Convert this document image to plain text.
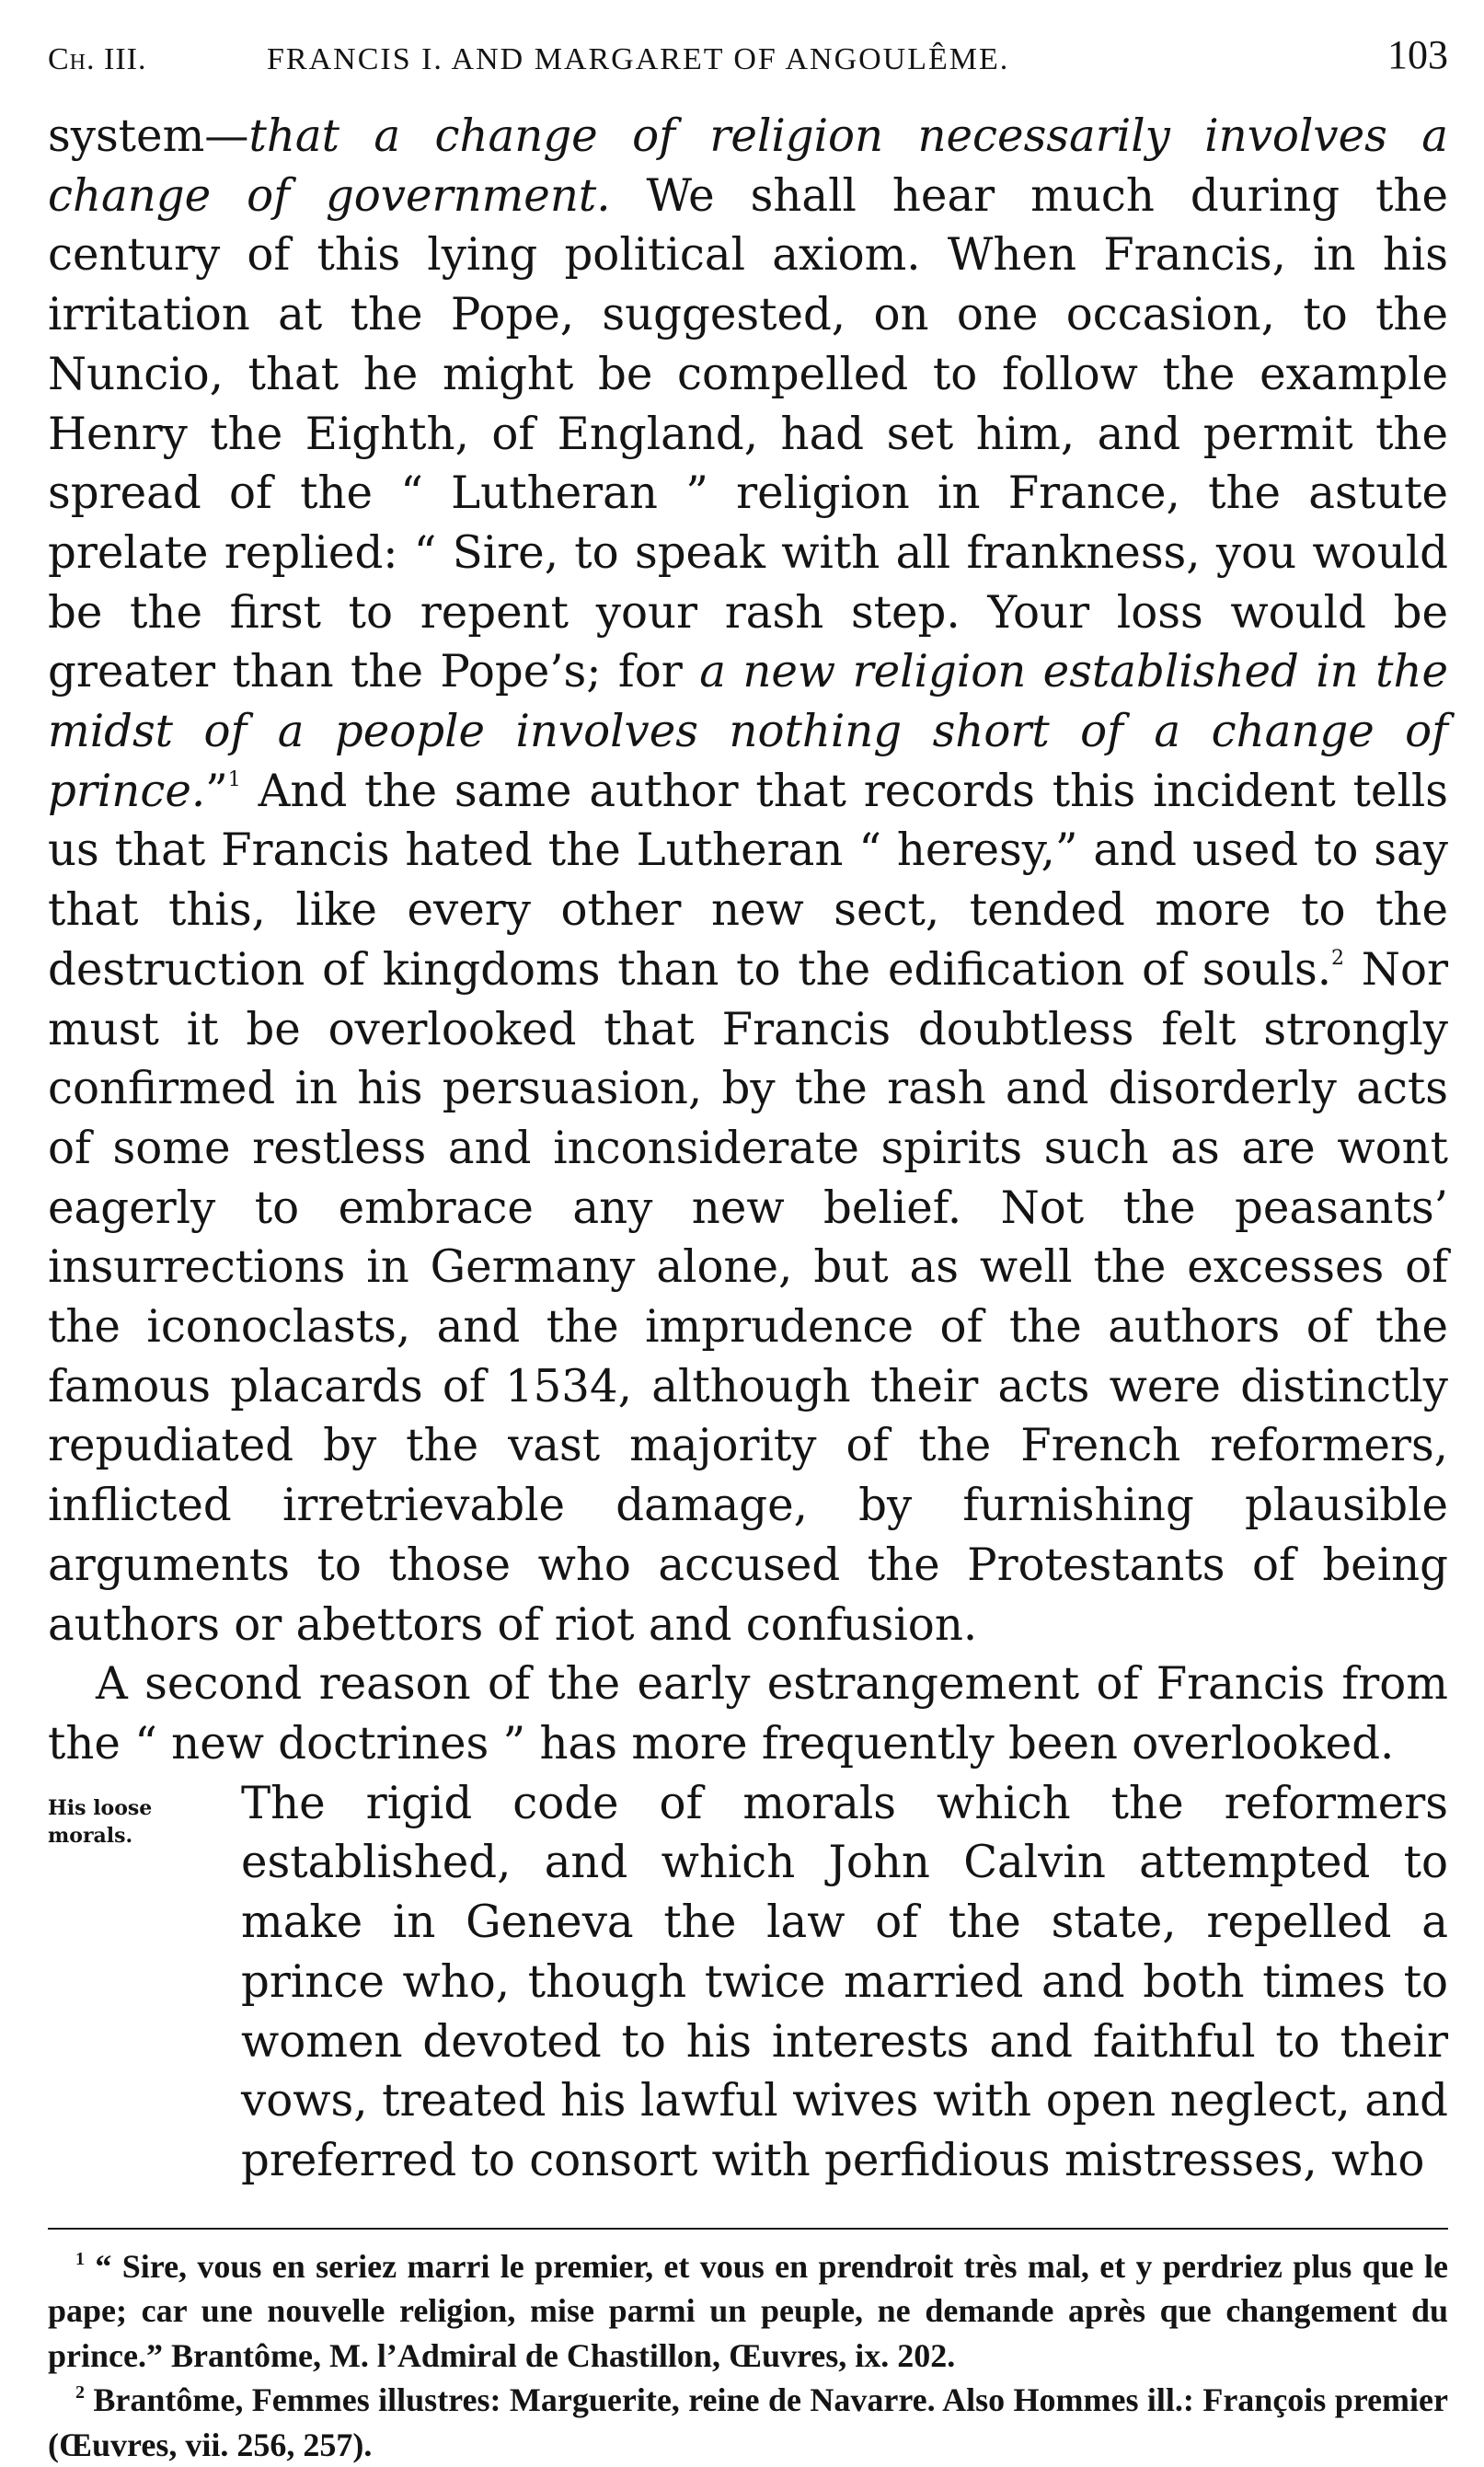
Ch. III.	FRANCIS I. AND MARGARET OF ANGOULÊME.	103

system—that a change of religion necessarily involves a change of government. We shall hear much during the century of this lying political axiom. When Francis, in his irritation at the Pope, suggested, on one occasion, to the Nuncio, that he might be compelled to follow the example Henry the Eighth, of England, had set him, and permit the spread of the “ Lutheran ” religion in France, the astute prelate replied: “ Sire, to speak with all frankness, you would be the first to repent your rash step. Your loss would be greater than the Pope’s; for a new religion established in the midst of a people involves nothing short of a change of prince.”$^1$ And the same author that records this incident tells us that Francis hated the Lutheran “ heresy,” and used to say that this, like every other new sect, tended more to the destruction of kingdoms than to the edification of souls.$^2$ Nor must it be overlooked that Francis doubtless felt strongly confirmed in his persuasion, by the rash and disorderly acts of some restless and inconsiderate spirits such as are wont eagerly to embrace any new belief. Not the peasants’ insurrections in Germany alone, but as well the excesses of the iconoclasts, and the imprudence of the authors of the famous placards of 1534, although their acts were distinctly repudiated by the vast majority of the French reformers, inflicted irretrievable damage, by furnishing plausible arguments to those who accused the Protestants of being authors or abettors of riot and confusion.

A second reason of the early estrangement of Francis from the “ new doctrines ” has more frequently been overlooked.

His loose
morals.

The rigid code of morals which the reformers established, and which John Calvin attempted to make in Geneva the law of the state, repelled a prince who, though twice married and both times to women devoted to his interests and faithful to their vows, treated his lawful wives with open neglect, and preferred to consort with perfidious mistresses, who

$^1$ “ Sire, vous en seriez marri le premier, et vous en prendroit très mal, et y perdriez plus que le pape; car une nouvelle religion, mise parmi un peuple, ne demande après que changement du prince.” Brantôme, M. l’Admiral de Chastillon, Œuvres, ix. 202.

$^2$ Brantôme, Femmes illustres: Marguerite, reine de Navarre. Also Hommes ill.: François premier (Œuvres, vii. 256, 257).
